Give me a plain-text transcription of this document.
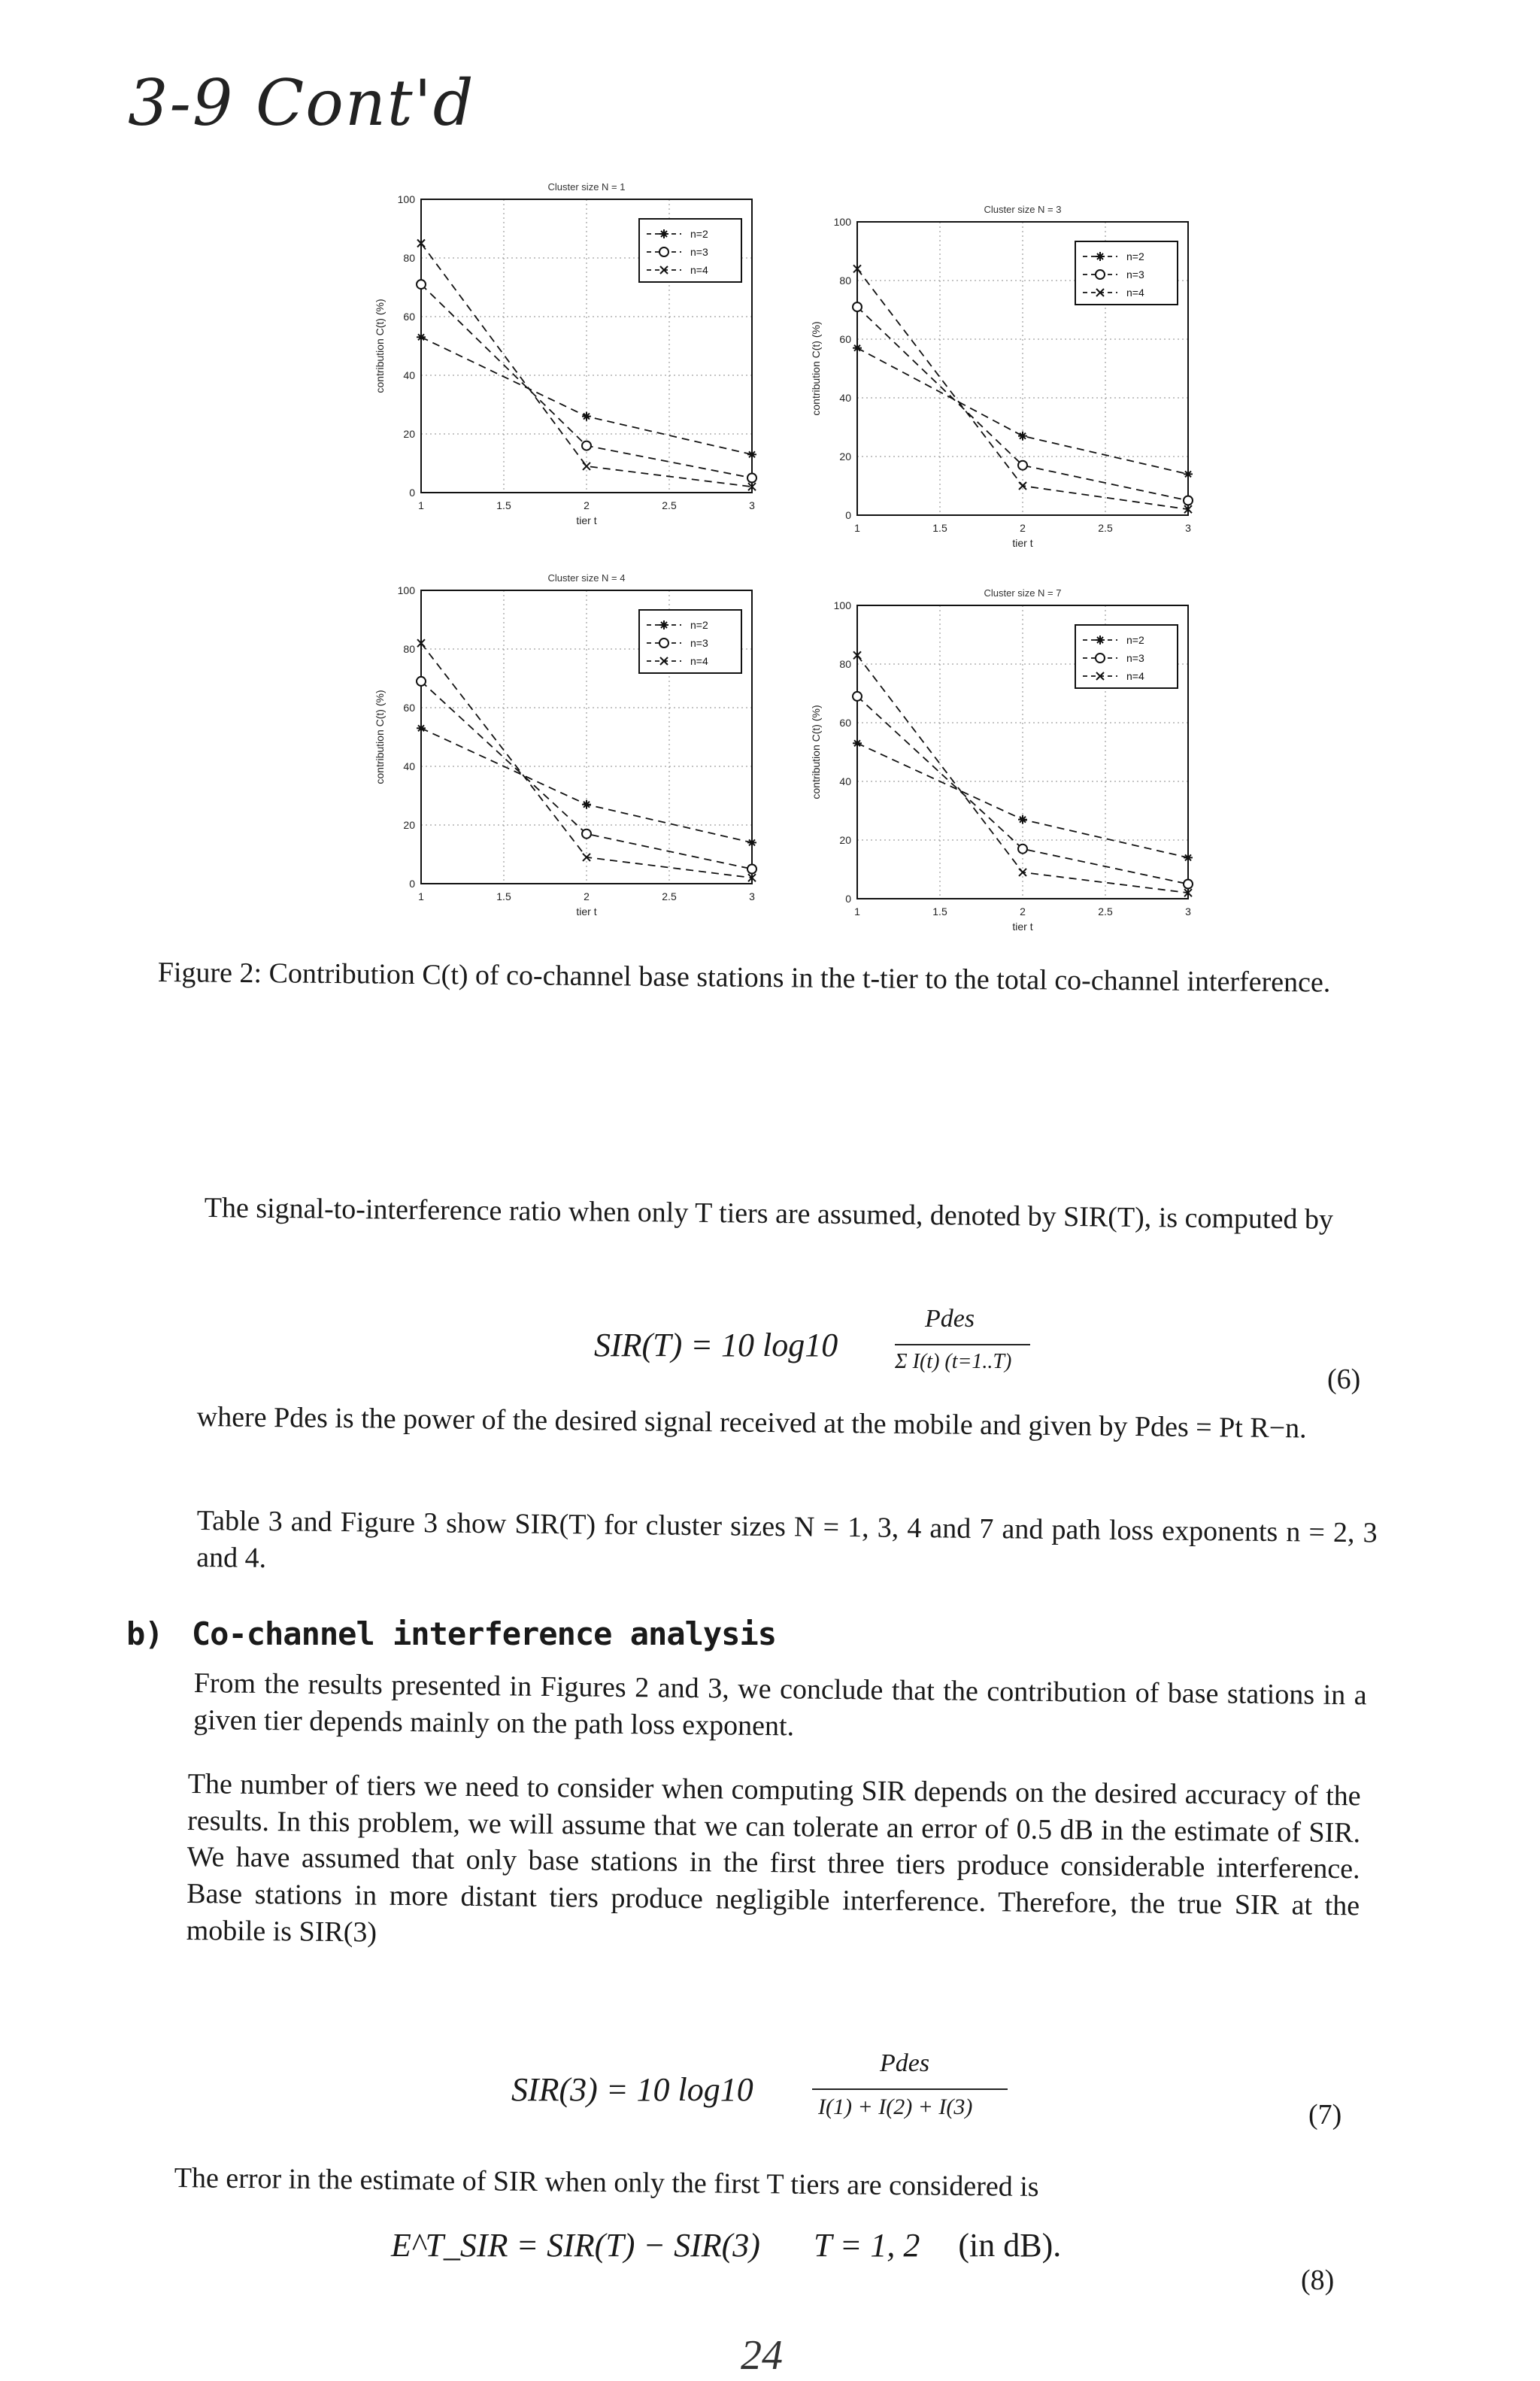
3-9 Cont'd
Cluster size N = 1
1	1.5	2	2.5	3
0
20
40
60
80
100
tier t
contribution C(t) (%)
n=2
n=3
n=4
Cluster size N = 3
1	1.5	2	2.5	3
0
20
40
60
80
100
tier t
contribution C(t) (%)
n=2
n=3
n=4
Cluster size N = 4
1	1.5	2	2.5	3
0
20
40
60
80
100
tier t
contribution C(t) (%)
n=2
n=3
n=4
Cluster size N = 7
1	1.5	2	2.5	3
0
20
40
60
80
100
tier t
contribution C(t) (%)
n=2
n=3
n=4
Figure 2: Contribution C(t) of co-channel base stations in the t-tier to the total co-channel interference.
The signal-to-interference ratio when only T tiers are assumed, denoted by SIR(T), is computed by
SIR(T) = 10 log10
Pdes
Σ I(t) (t=1..T)
(6)
where Pdes is the power of the desired signal received at the mobile and given by Pdes = Pt R−n.
Table 3 and Figure 3 show SIR(T) for cluster sizes N = 1, 3, 4 and 7 and path loss exponents n = 2, 3 and 4.
b) Co-channel interference analysis
From the results presented in Figures 2 and 3, we conclude that the contribution of base stations in a given tier depends mainly on the path loss exponent.
The number of tiers we need to consider when computing SIR depends on the desired accuracy of the results. In this problem, we will assume that we can tolerate an error of 0.5 dB in the estimate of SIR. We have assumed that only base stations in the first three tiers produce considerable interference. Base stations in more distant tiers produce negligible interference. Therefore, the true SIR at the mobile is SIR(3)
SIR(3) = 10 log10
Pdes
I(1) + I(2) + I(3)	(7)
The error in the estimate of SIR when only the first T tiers are considered is
E^T_SIR = SIR(T) − SIR(3) T = 1, 2 (in dB).
(8)
24
